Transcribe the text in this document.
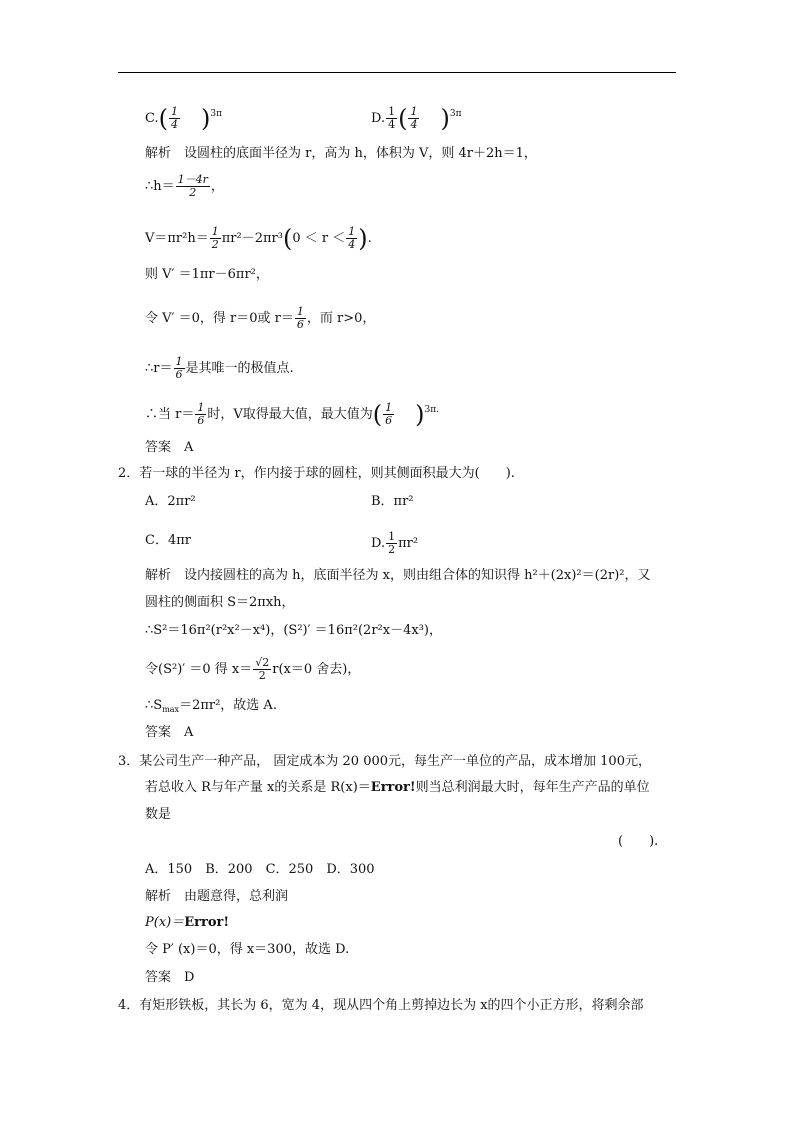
$C.( \frac{1}{4} )^{3\pi}$	D. $\frac{1}{4}$ ( $\frac{1}{4} )^{3\pi}$
解析　设圆柱的底面半径为 r，高为 h，体积为 V，则 4r＋2h＝1，
∴h＝ $\frac{1-4r}{2}$ ，
$V=\pi r^2h= \frac{1}{2} \pi r^2-2\pi r^3(0 < r < \frac{1}{4}$ ).
则 V′ ＝1πr－6πr²，
令 V′ ＝0，得 r＝0或 $r= \frac{1}{6}$ ，而 r>0，
∴r＝ $\frac{1}{6}$ 是其唯一的极值点.
∴当 $r= \frac{1}{6}$ 时，V取得最大值，最大值为( $\frac{1}{6} )^{3\pi.}$
答案　A
2．若一球的半径为 r，作内接于球的圆柱，则其侧面积最大为(　　).
A．2πr²	B．πr²
C．4πr	D. $\frac{1}{2} \pi r^2$
解析　设内接圆柱的高为 h，底面半径为 x，则由组合体的知识得 h²＋(2x)²＝(2r)²，又
圆柱的侧面积 S＝2πxh，
∴S²＝16π²(r²x²－x⁴)，(S²)′ ＝16π²(2r²x－4x³)，
令(S²)′ ＝0 得 $x= \frac{√2}{2} r(x=0$ 舍去)，
$\therefore S_{max}=2\pi r^2$，故选 A.
答案　A
3．某公司生产一种产品， 固定成本为 20 000元，每生产一单位的产品，成本增加 100元，
若总收入 R与年产量 x的关系是 R(x)＝Error!则当总利润最大时，每年生产产品的单位
数是
(　　).
A．150　B．200　C．250　D．300
解析　由题意得，总利润
P(x)＝Error!
令 P′ (x)＝0，得 x＝300，故选 D.
答案　D
4．有矩形铁板，其长为 6，宽为 4，现从四个角上剪掉边长为 x的四个小正方形，将剩余部
